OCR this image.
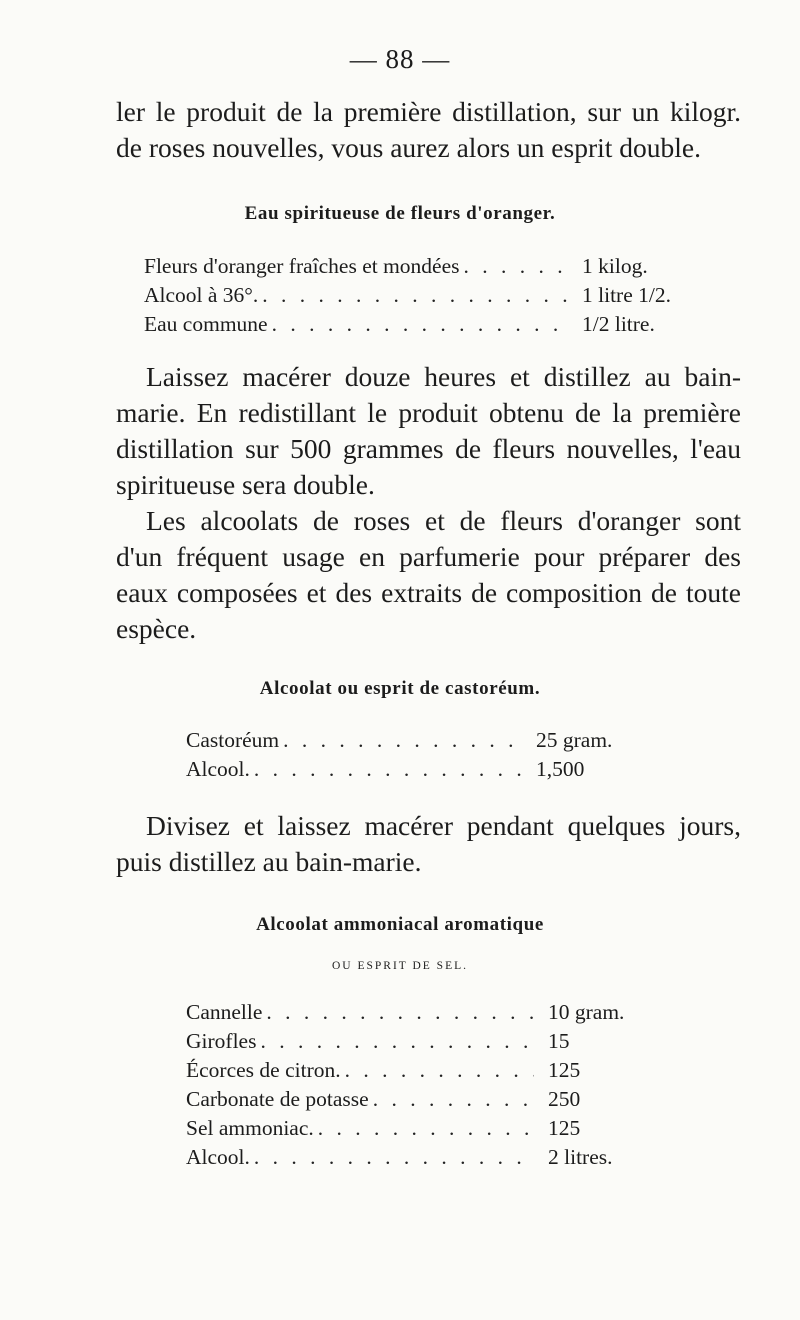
— 88 —

ler le produit de la première distillation, sur un kilogr.
de roses nouvelles, vous aurez alors un esprit double.

Eau spiritueuse de fleurs d'oranger.
Fleurs d'oranger fraîches et mondées . . .	1 kilog.
Alcool à 36°. . . .	1 litre 1/2.
Eau commune . . .	1/2 litre.

Laissez macérer douze heures et distillez au bain-
marie. En redistillant le produit obtenu de la première
distillation sur 500 grammes de fleurs nouvelles, l'eau
spiritueuse sera double.

Les alcoolats de roses et de fleurs d'oranger sont
d'un fréquent usage en parfumerie pour préparer des
eaux composées et des extraits de composition de toute
espèce.

Alcoolat ou esprit de castoréum.
Castoréum . . .	25 gram.
Alcool. . . .	1,500

Divisez et laissez macérer pendant quelques jours,
puis distillez au bain-marie.

Alcoolat ammoniacal aromatique
OU ESPRIT DE SEL.
Cannelle . . .	10 gram.
Girofles . . .	15
Écorces de citron. . . .	125
Carbonate de potasse . . .	250
Sel ammoniac. . . .	125
Alcool. . . .	2 litres.
